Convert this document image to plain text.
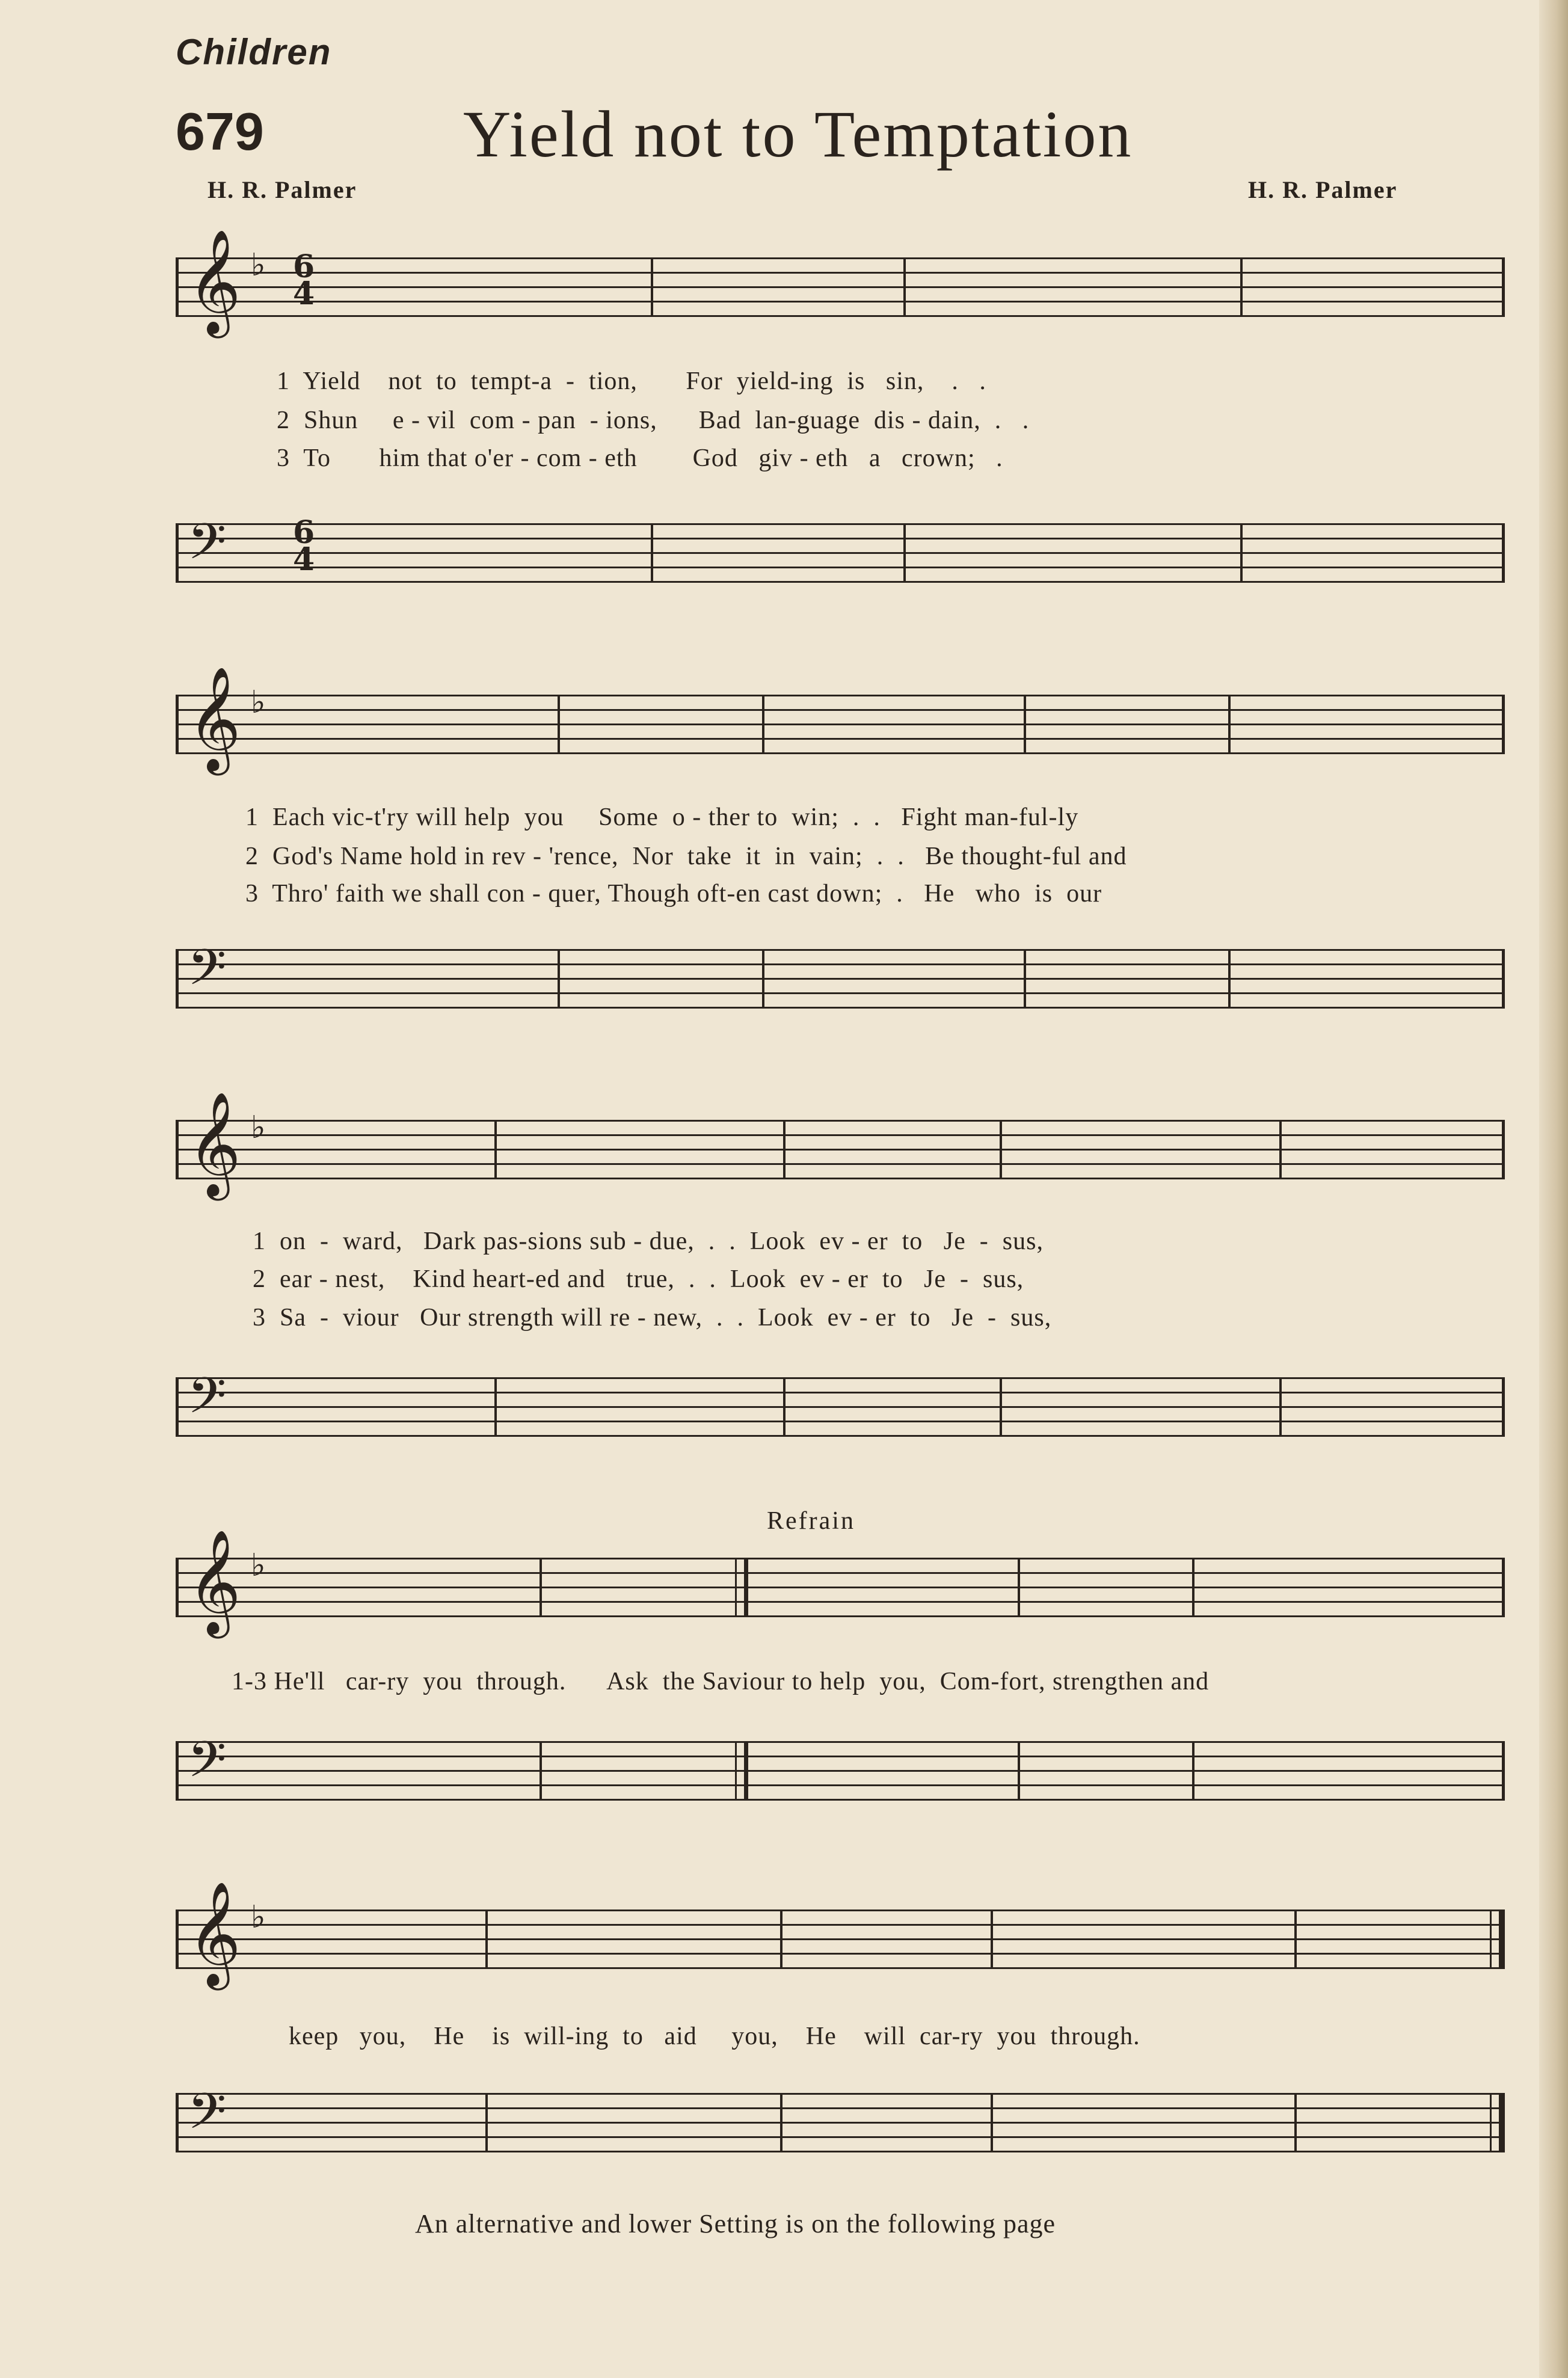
Children
679	Yield not to Temptation
H. R. Palmer	H. R. Palmer
𝄞 ♭ 6
4
1  Yield    not  to  tempt-a  -  tion,       For  yield-ing  is   sin,    .   .
2  Shun     e - vil  com - pan  - ions,      Bad  lan-guage  dis - dain,  .   .
3  To       him that o'er - com - eth        God   giv - eth   a   crown;   .
𝄢 6
4
𝄞 ♭
1  Each vic-t'ry will help  you     Some  o - ther to  win;  .  .   Fight man-ful-ly
2  God's Name hold in rev - 'rence,  Nor  take  it  in  vain;  .  .   Be thought-ful and
3  Thro' faith we shall con - quer, Though oft-en cast down;  .   He   who  is  our
𝄢
𝄞 ♭
1  on  -  ward,   Dark pas-sions sub - due,  .  .  Look  ev - er  to   Je  -  sus,
2  ear - nest,    Kind heart-ed and   true,  .  .  Look  ev - er  to   Je  -  sus,
3  Sa  -  viour   Our strength will re - new,  .  .  Look  ev - er  to   Je  -  sus,
𝄢
Refrain
𝄞 ♭
1-3 He'll   car-ry  you  through.      Ask  the Saviour to help  you,  Com-fort, strengthen and
𝄢
𝄞 ♭
keep   you,    He    is  will-ing  to   aid     you,    He    will  car-ry  you  through.
𝄢
An alternative and lower Setting is on the following page
